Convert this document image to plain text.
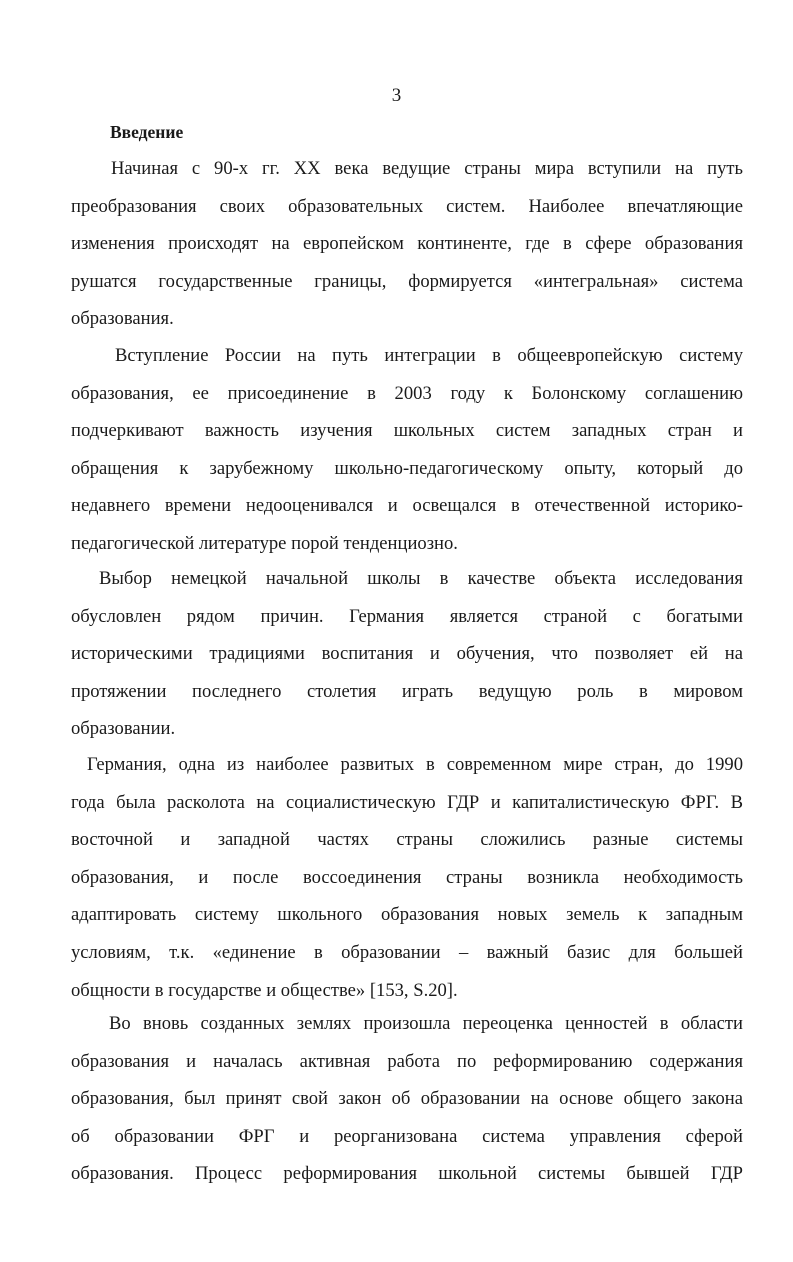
3
Введение
Начиная с 90-х гг. XX века ведущие страны мира вступили на путь
преобразования своих образовательных систем. Наиболее впечатляющие
изменения происходят на европейском континенте, где в сфере образования
рушатся государственные границы, формируется «интегральная» система
образования.
Вступление России на путь интеграции в общеевропейскую систему
образования, ее присоединение в 2003 году к Болонскому соглашению
подчеркивают важность изучения школьных систем западных стран и
обращения к зарубежному школьно-педагогическому опыту, который до
недавнего времени недооценивался и освещался в отечественной историко-
педагогической литературе порой тенденциозно.
Выбор немецкой начальной школы в качестве объекта исследования
обусловлен рядом причин. Германия является страной с богатыми
историческими традициями воспитания и обучения, что позволяет ей на
протяжении последнего столетия играть ведущую роль в мировом
образовании.
Германия, одна из наиболее развитых в современном мире стран, до 1990
года была расколота на социалистическую ГДР и капиталистическую ФРГ. В
восточной и западной частях страны сложились разные системы
образования, и после воссоединения страны возникла необходимость
адаптировать систему школьного образования новых земель к западным
условиям, т.к. «единение в образовании – важный базис для большей
общности в государстве и обществе» [153, S.20].
Во вновь созданных землях произошла переоценка ценностей в области
образования и началась активная работа по реформированию содержания
образования, был принят свой закон об образовании на основе общего закона
об образовании ФРГ и реорганизована система управления сферой
образования. Процесс реформирования школьной системы бывшей ГДР
